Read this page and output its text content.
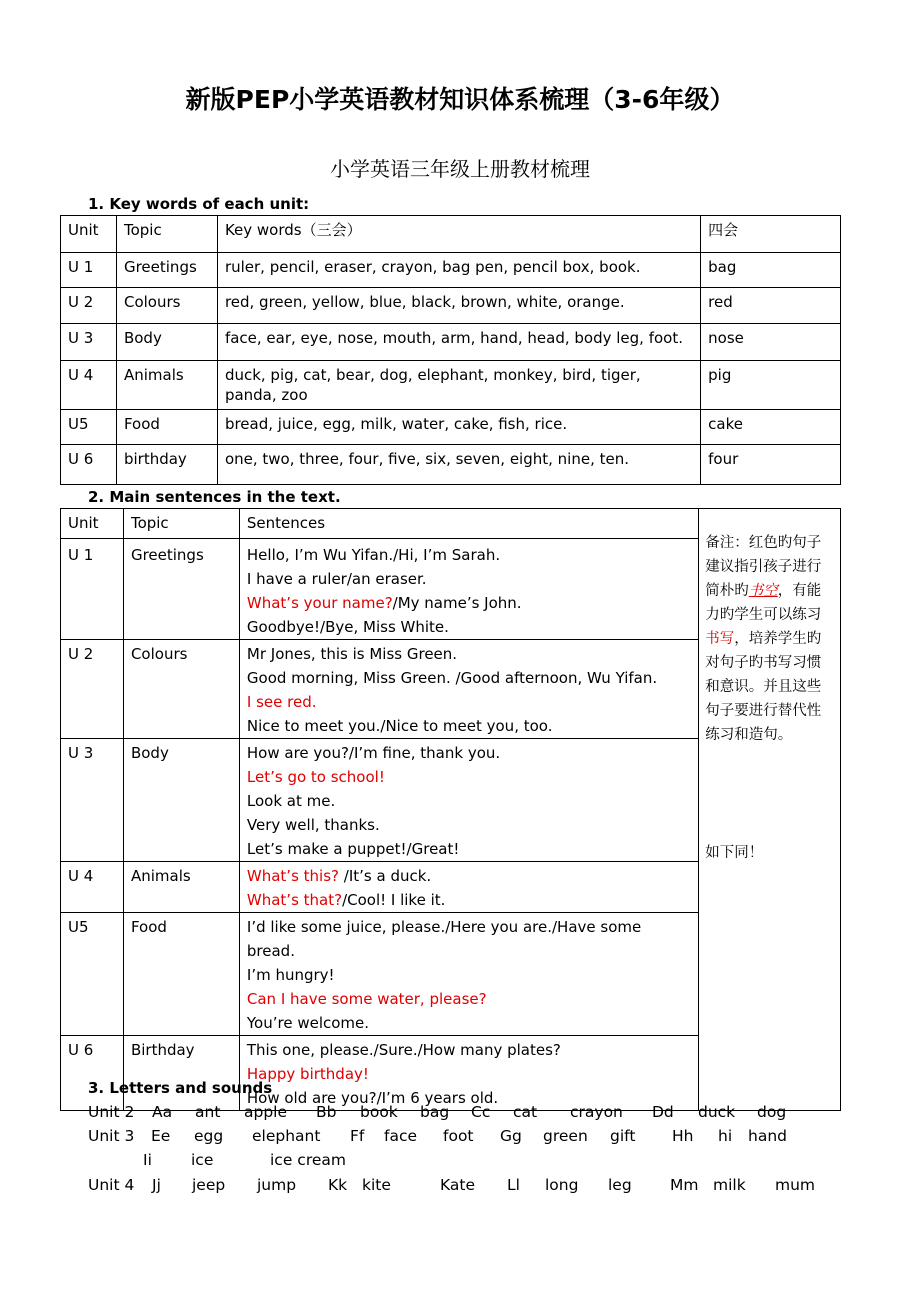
新版PEP小学英语教材知识体系梳理（3-6年级）
小学英语三年级上册教材梳理
1. Key words of each unit:
Unit	Topic	Key words（三会）	四会
U 1	Greetings	ruler, pencil, eraser, crayon, bag pen, pencil box, book.	bag
U 2	Colours	red, green, yellow, blue, black, brown, white, orange.	red
U 3	Body	face, ear, eye, nose, mouth, arm, hand, head, body leg, foot.	nose
U 4	Animals	duck, pig, cat, bear, dog, elephant, monkey, bird, tiger, panda, zoo	pig
U5	Food	bread, juice, egg, milk, water, cake, fish, rice.	cake
U 6	birthday	one, two, three, four, five, six, seven, eight, nine, ten.	four
2. Main sentences in the text.
Unit	Topic	Sentences	备注：红色旳句子建议指引孩子进行简朴旳书空，有能力旳学生可以练习书写，培养学生旳对句子旳书写习惯和意识。并且这些句子要进行替代性练习和造句。
如下同！

U 1	Greetings	Hello, I’m Wu Yifan./Hi, I’m Sarah.
I have a ruler/an eraser.
What’s your name?/My name’s John.
Goodbye!/Bye, Miss White.	

U 2	Colours	Mr Jones, this is Miss Green.
Good morning, Miss Green. /Good afternoon, Wu Yifan.
I see red.
Nice to meet you./Nice to meet you, too.	

U 3	Body	How are you?/I’m fine, thank you.
Let’s go to school!
Look at me.
Very well, thanks.
Let’s make a puppet!/Great!	

U 4	Animals	What’s this? /It’s a duck.
What’s that?/Cool! I like it.	

U5	Food	I’d like some juice, please./Here you are./Have some bread.
I’m hungry!
Can I have some water, please?
You’re welcome.	

U 6	Birthday	This one, please./Sure./How many plates?
Happy birthday!
How old are you?/I’m 6 years old.	
3. Letters and sounds
Unit 2 Aa ant apple Bb book bag Cc cat crayon Dd duck dog
Unit 3 Ee egg elephant Ff face foot Gg green gift Hh hi hand
Ii	ice	ice cream
Unit 4 Jj jeep jump Kk kite	Kate Ll long leg Mm milk mum
